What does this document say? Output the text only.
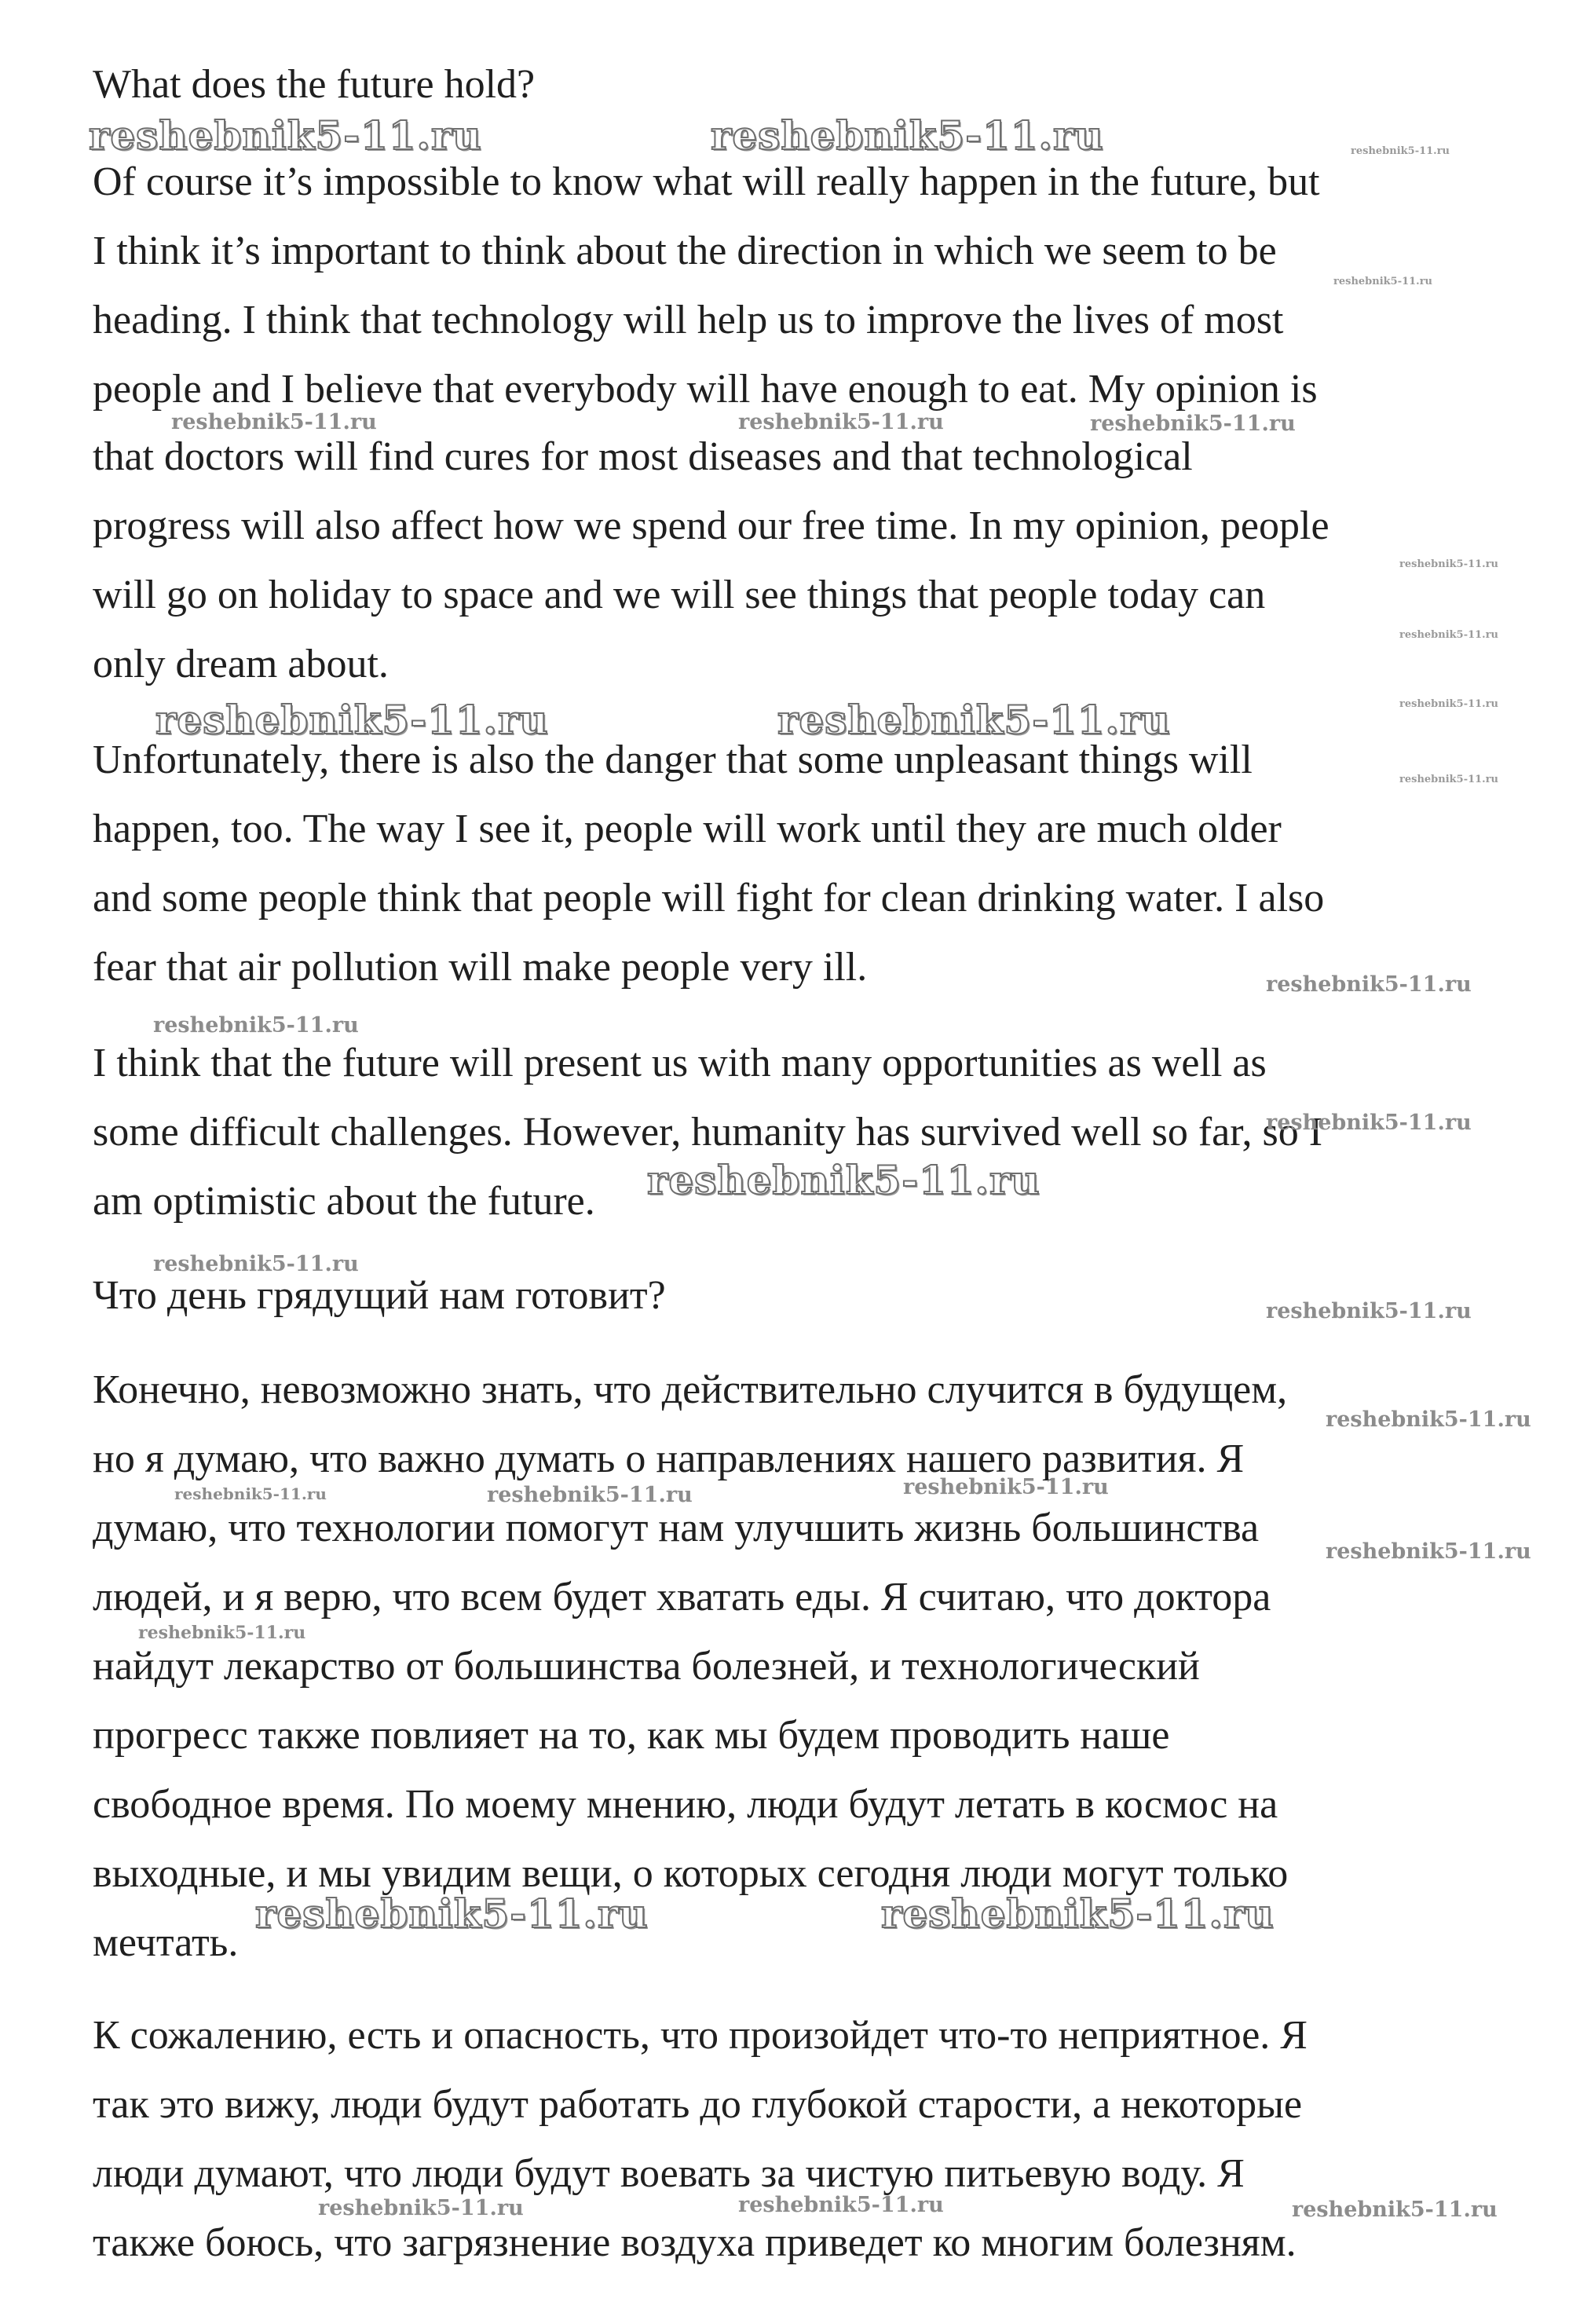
What does the future hold?
Of course it’s impossible to know what will really happen in the future, but
I think it’s important to think about the direction in which we seem to be
heading. I think that technology will help us to improve the lives of most
people and I believe that everybody will have enough to eat. My opinion is
that doctors will find cures for most diseases and that technological
progress will also affect how we spend our free time. In my opinion, people
will go on holiday to space and we will see things that people today can
only dream about.
Unfortunately, there is also the danger that some unpleasant things will
happen, too. The way I see it, people will work until they are much older
and some people think that people will fight for clean drinking water. I also
fear that air pollution will make people very ill.
I think that the future will present us with many opportunities as well as
some difficult challenges. However, humanity has survived well so far, so I
am optimistic about the future.
Что день грядущий нам готовит?
Конечно, невозможно знать, что действительно случится в будущем,
но я думаю, что важно думать о направлениях нашего развития. Я
думаю, что технологии помогут нам улучшить жизнь большинства
людей, и я верю, что всем будет хватать еды. Я считаю, что доктора
найдут лекарство от большинства болезней, и технологический
прогресс также повлияет на то, как мы будем проводить наше
свободное время. По моему мнению, люди будут летать в космос на
выходные, и мы увидим вещи, о которых сегодня люди могут только
мечтать.
К сожалению, есть и опасность, что произойдет что-то неприятное. Я
так это вижу, люди будут работать до глубокой старости, а некоторые
люди думают, что люди будут воевать за чистую питьевую воду. Я
также боюсь, что загрязнение воздуха приведет ко многим болезням.
reshebnik5-11.ru	reshebnik5-11.ru	reshebnik5-11.ru
reshebnik5-11.ru
reshebnik5-11.ru	reshebnik5-11.ru	reshebnik5-11.ru
reshebnik5-11.ru
reshebnik5-11.ru
reshebnik5-11.ru
reshebnik5-11.ru
reshebnik5-11.ru	reshebnik5-11.ru
reshebnik5-11.ru
reshebnik5-11.ru
reshebnik5-11.ru
reshebnik5-11.ru
reshebnik5-11.ru
reshebnik5-11.ru
reshebnik5-11.ru
reshebnik5-11.ru
reshebnik5-11.ru
reshebnik5-11.ru
reshebnik5-11.ru
reshebnik5-11.ru
reshebnik5-11.ru	reshebnik5-11.ru
reshebnik5-11.ru	reshebnik5-11.ru	reshebnik5-11.ru
